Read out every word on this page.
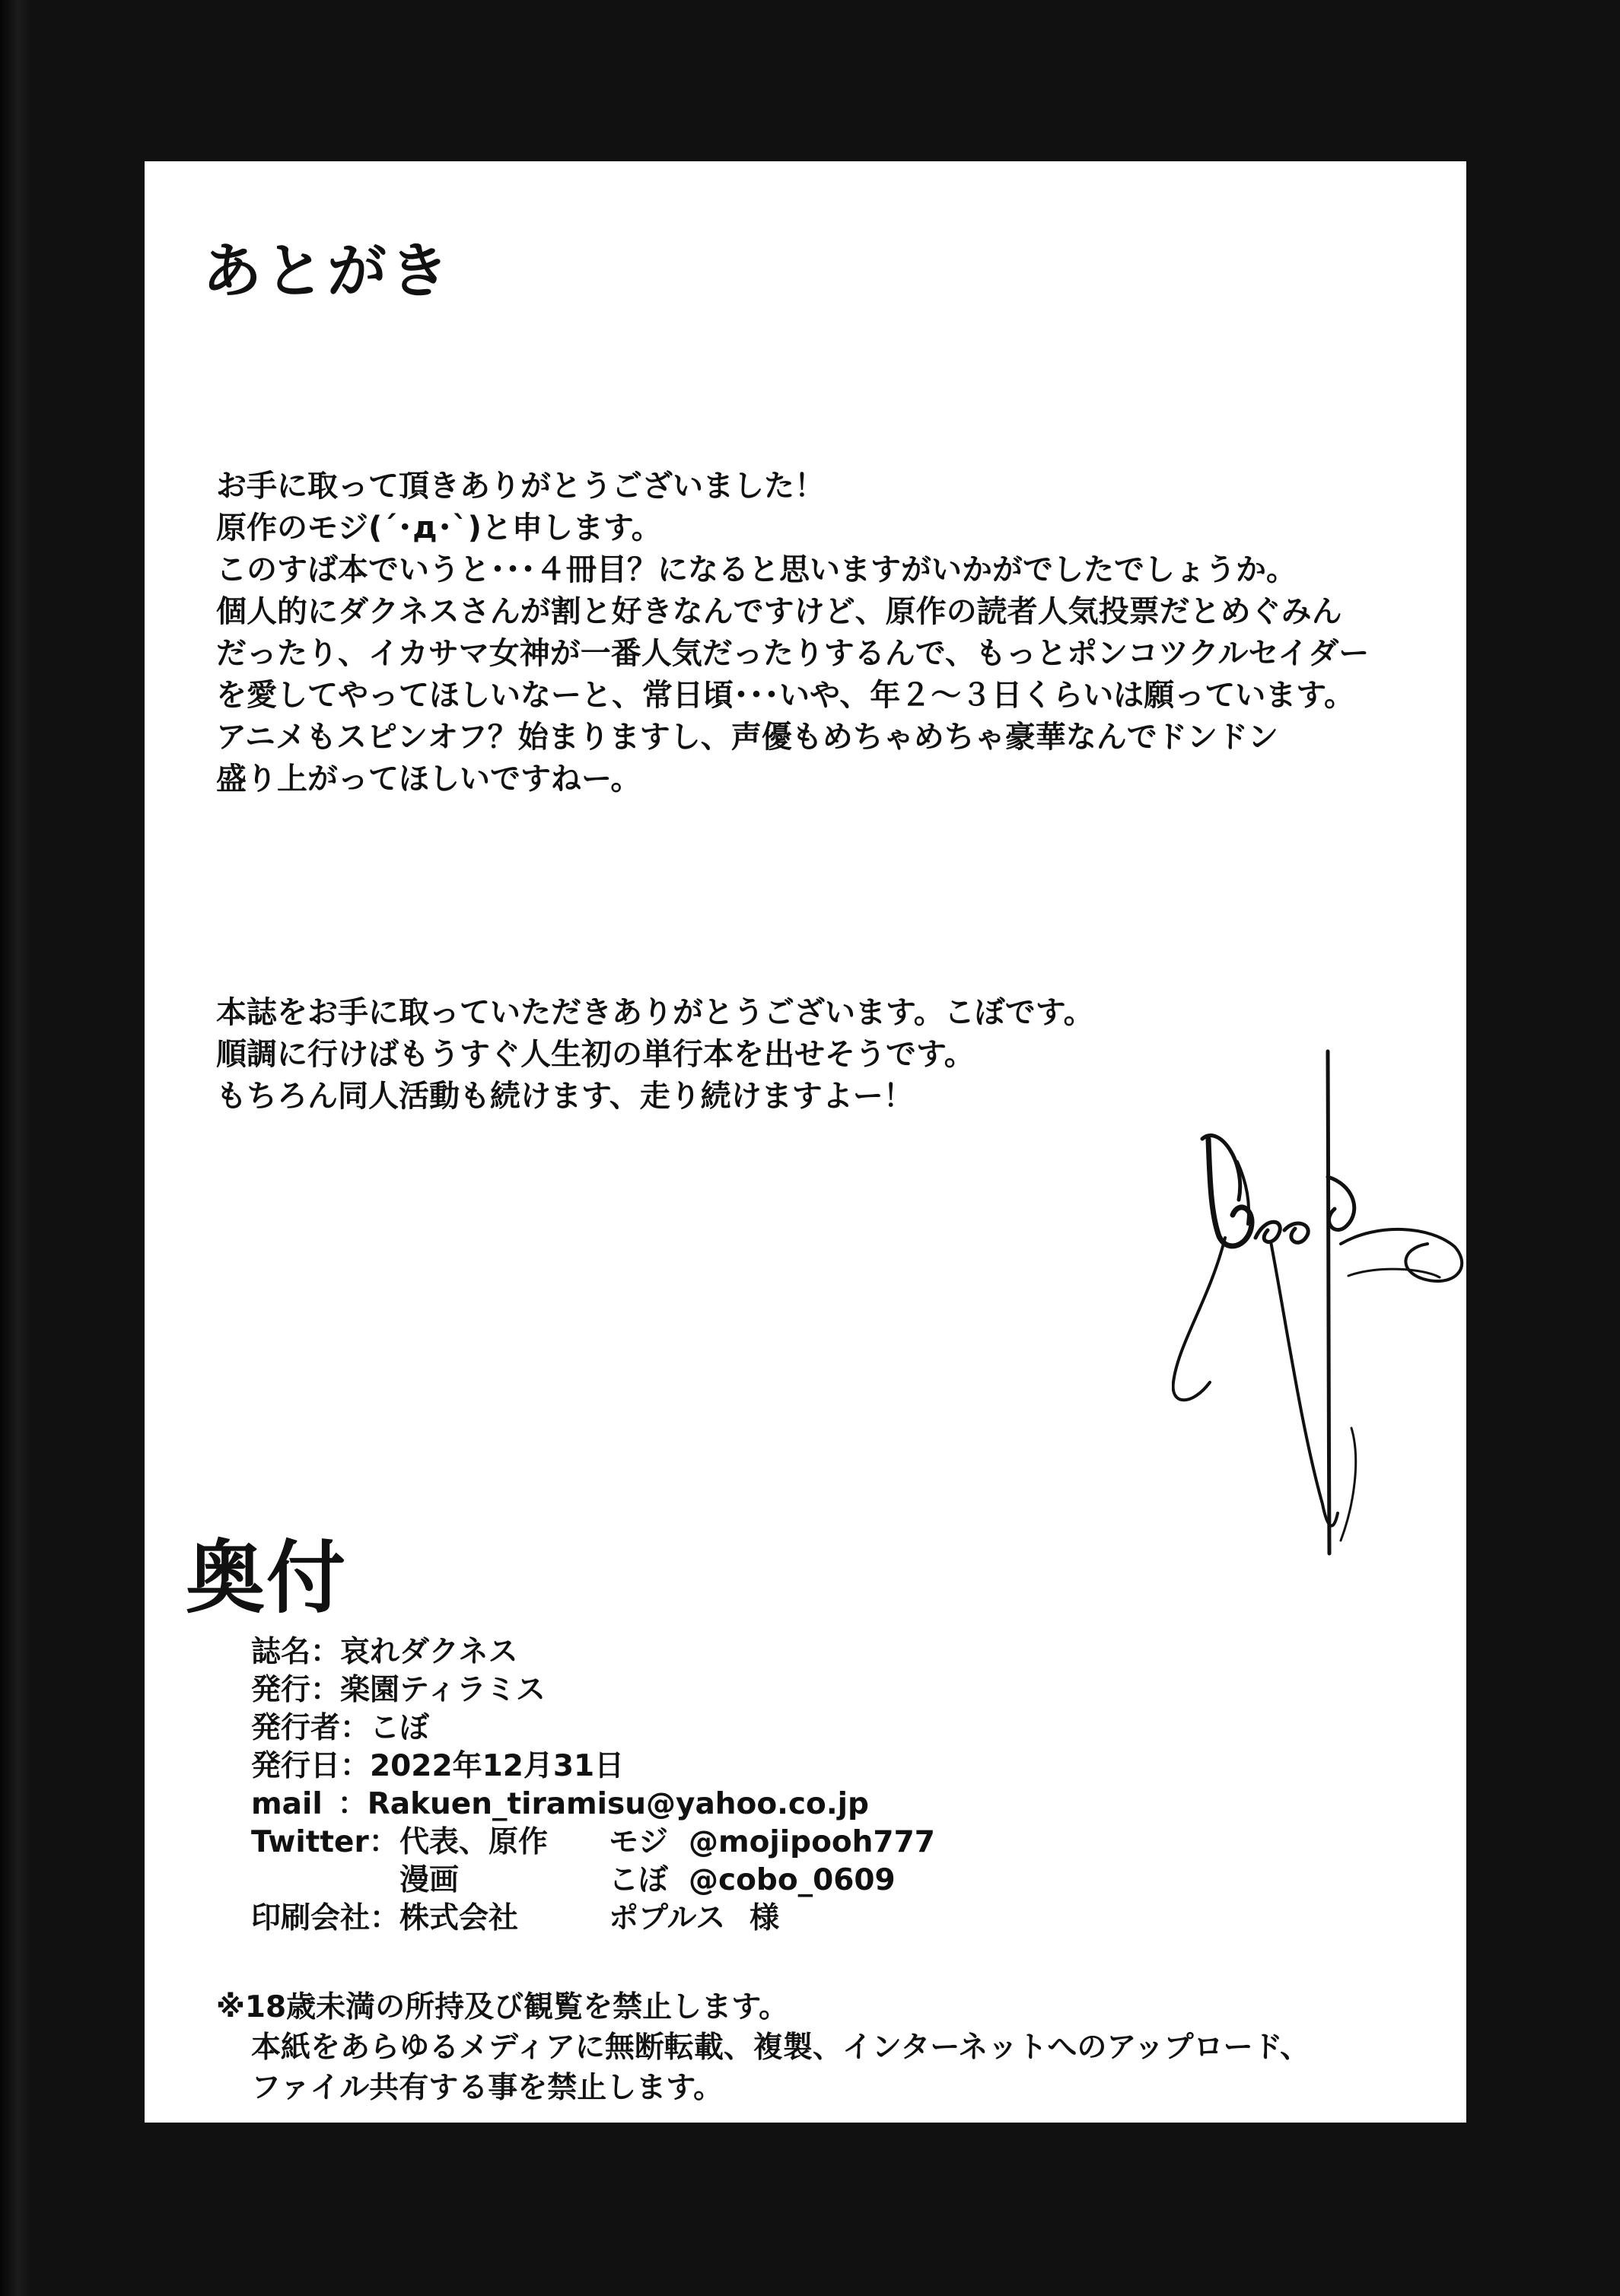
あとがき
お手に取って頂きありがとうございました！
原作のモジ(´･д･`)と申します。
このすば本でいうと･･･４冊目？になると思いますがいかがでしたでしょうか。
個人的にダクネスさんが割と好きなんですけど、原作の読者人気投票だとめぐみん
だったり、イカサマ女神が一番人気だったりするんで、もっとポンコツクルセイダー
を愛してやってほしいなーと、常日頃･･･いや、年２～３日くらいは願っています。
アニメもスピンオフ？始まりますし、声優もめちゃめちゃ豪華なんでドンドン
盛り上がってほしいですねー。
本誌をお手に取っていただきありがとうございます。こぼです。
順調に行けばもうすぐ人生初の単行本を出せそうです。
もちろん同人活動も続けます、走り続けますよー！
奥付
誌名：哀れダクネス
発行：楽園ティラミス
発行者：こぼ
発行日：2022年12月31日
mail ：Rakuen_tiramisu@yahoo.co.jp
Twitter： 代表、原作 モジ @mojipooh777
漫画	こぼ @cobo_0609
印刷会社：株式会社	ポプルス 様
※18歳未満の所持及び観覧を禁止します。
本紙をあらゆるメディアに無断転載、複製、インターネットへのアップロード、
ファイル共有する事を禁止します。
